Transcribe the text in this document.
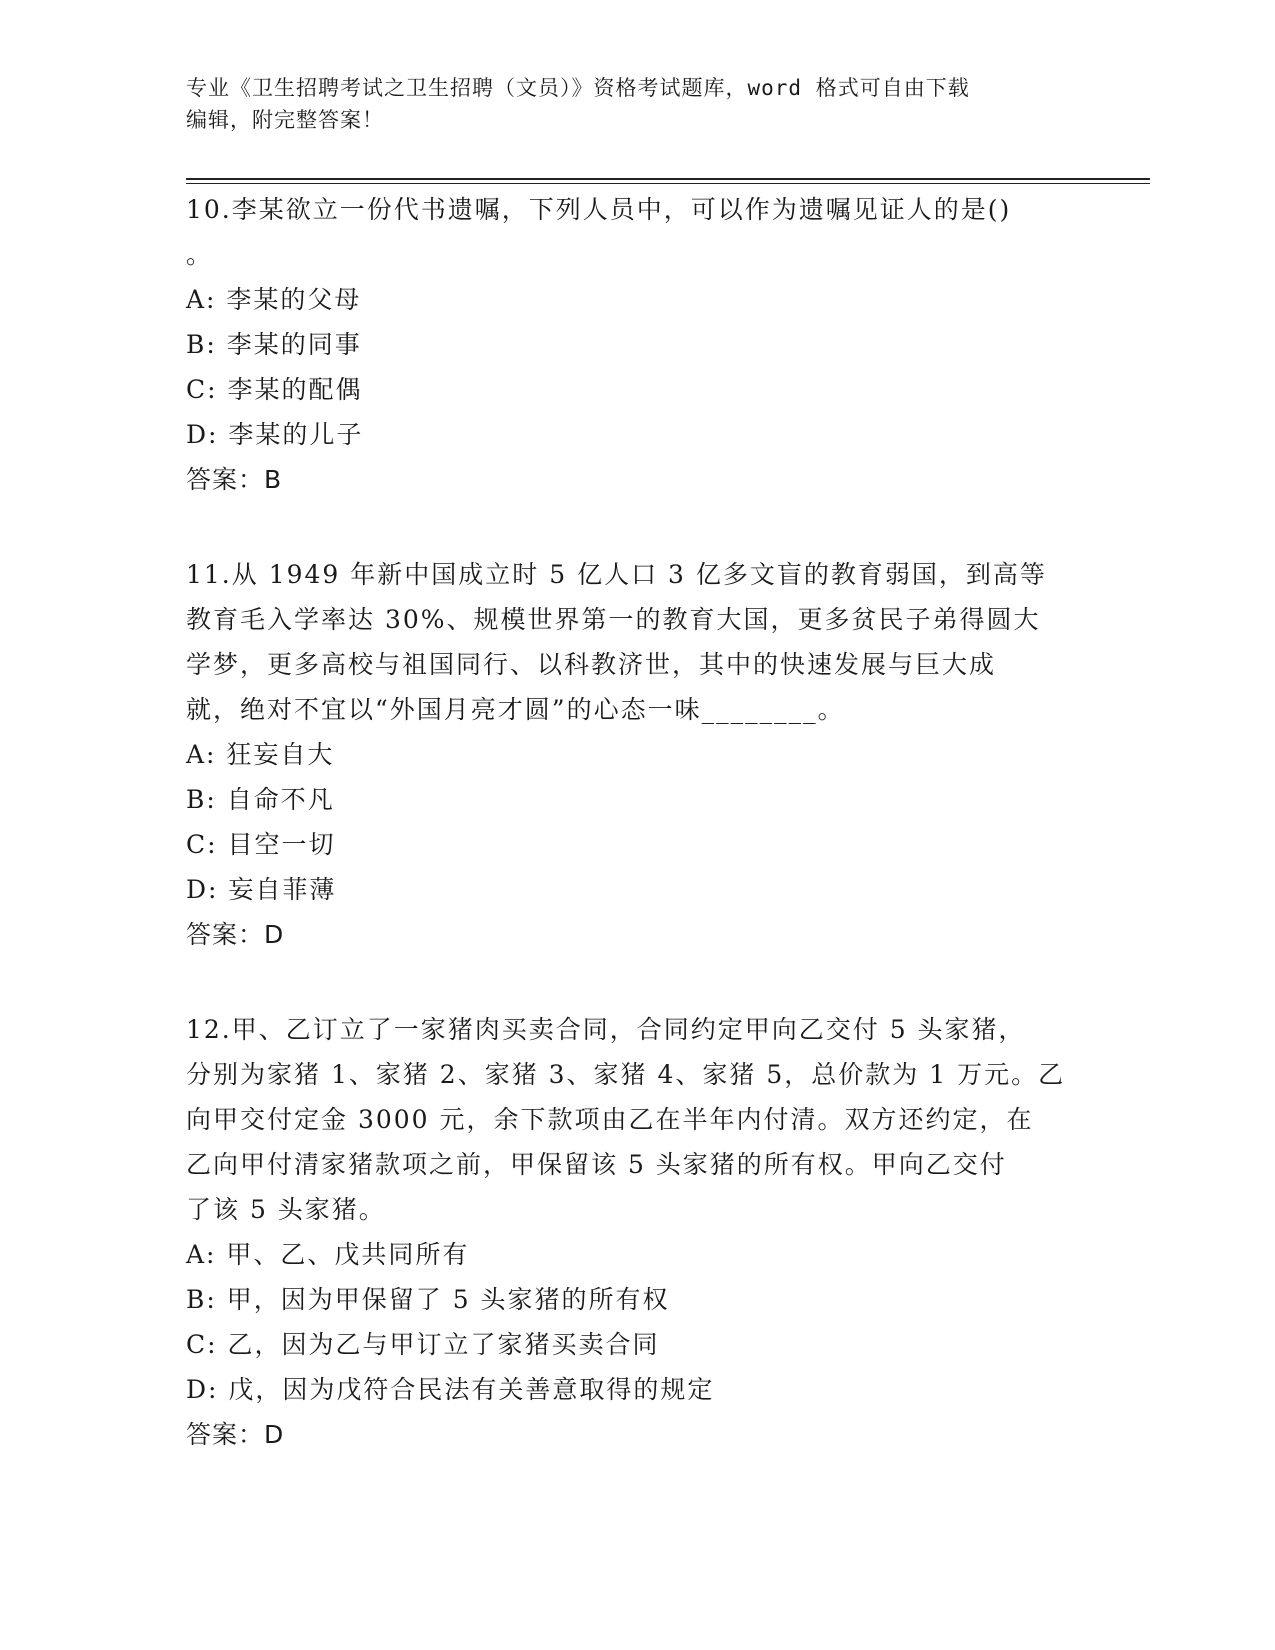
专业《卫生招聘考试之卫生招聘（文员）》资格考试题库，word 格式可自由下载
编辑，附完整答案！
10.李某欲立一份代书遗嘱，下列人员中，可以作为遗嘱见证人的是()
。
A: 李某的父母
B: 李某的同事
C: 李某的配偶
D: 李某的儿子
答案：B
11.从 1949 年新中国成立时 5 亿人口 3 亿多文盲的教育弱国，到高等
教育毛入学率达 30%、规模世界第一的教育大国，更多贫民子弟得圆大
学梦，更多高校与祖国同行、以科教济世，其中的快速发展与巨大成
就，绝对不宜以“外国月亮才圆”的心态一味________。
A: 狂妄自大
B: 自命不凡
C: 目空一切
D: 妄自菲薄
答案：D
12.甲、乙订立了一家猪肉买卖合同，合同约定甲向乙交付 5 头家猪，
分别为家猪 1、家猪 2、家猪 3、家猪 4、家猪 5，总价款为 1 万元。乙
向甲交付定金 3000 元，余下款项由乙在半年内付清。双方还约定，在
乙向甲付清家猪款项之前，甲保留该 5 头家猪的所有权。甲向乙交付
了该 5 头家猪。
A: 甲、乙、戊共同所有
B: 甲，因为甲保留了 5 头家猪的所有权
C: 乙，因为乙与甲订立了家猪买卖合同
D: 戊，因为戊符合民法有关善意取得的规定
答案：D
